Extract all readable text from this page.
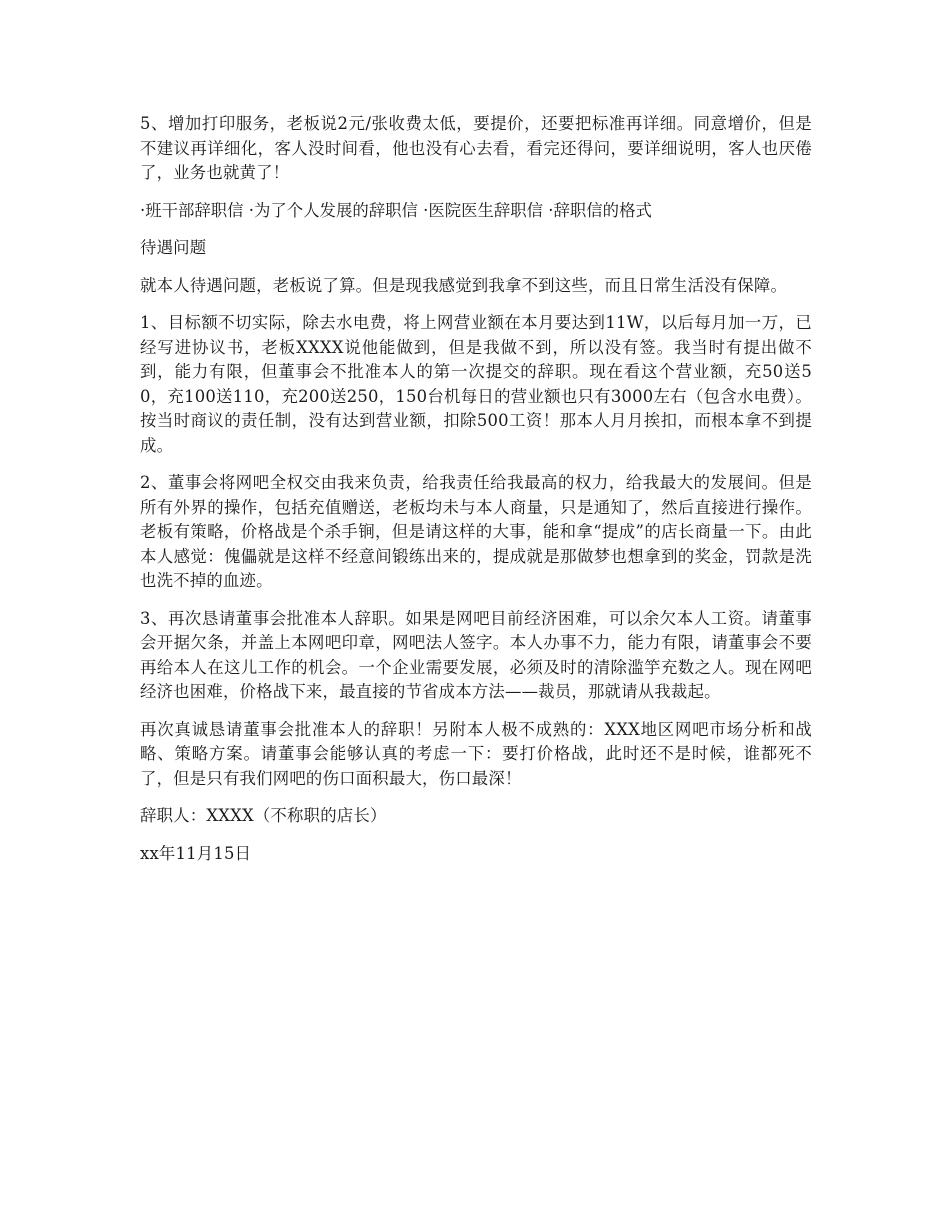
5、增加打印服务，老板说2元/张收费太低，要提价，还要把标准再详细。同意增价，但是不建议再详细化，客人没时间看，他也没有心去看，看完还得问，要详细说明，客人也厌倦了，业务也就黄了！

·班干部辞职信 ·为了个人发展的辞职信 ·医院医生辞职信 ·辞职信的格式

待遇问题

就本人待遇问题，老板说了算。但是现我感觉到我拿不到这些，而且日常生活没有保障。

1、目标额不切实际，除去水电费，将上网营业额在本月要达到11W，以后每月加一万，已经写进协议书，老板XXXX说他能做到，但是我做不到，所以没有签。我当时有提出做不到，能力有限，但董事会不批准本人的第一次提交的辞职。现在看这个营业额，充50送50，充100送110，充200送250，150台机每日的营业额也只有3000左右（包含水电费）。按当时商议的责任制，没有达到营业额，扣除500工资！那本人月月挨扣，而根本拿不到提成。

2、董事会将网吧全权交由我来负责，给我责任给我最高的权力，给我最大的发展间。但是所有外界的操作，包括充值赠送，老板均未与本人商量，只是通知了，然后直接进行操作。老板有策略，价格战是个杀手锏，但是请这样的大事，能和拿“提成”的店长商量一下。由此本人感觉：傀儡就是这样不经意间锻练出来的，提成就是那做梦也想拿到的奖金，罚款是洗也洗不掉的血迹。

3、再次恳请董事会批准本人辞职。如果是网吧目前经济困难，可以余欠本人工资。请董事会开据欠条，并盖上本网吧印章，网吧法人签字。本人办事不力，能力有限，请董事会不要再给本人在这儿工作的机会。一个企业需要发展，必须及时的清除滥竽充数之人。现在网吧经济也困难，价格战下来，最直接的节省成本方法——裁员，那就请从我裁起。

再次真诚恳请董事会批准本人的辞职！另附本人极不成熟的：XXX地区网吧市场分析和战略、策略方案。请董事会能够认真的考虑一下：要打价格战，此时还不是时候，谁都死不了，但是只有我们网吧的伤口面积最大，伤口最深！

辞职人：XXXX（不称职的店长）

xx年11月15日
